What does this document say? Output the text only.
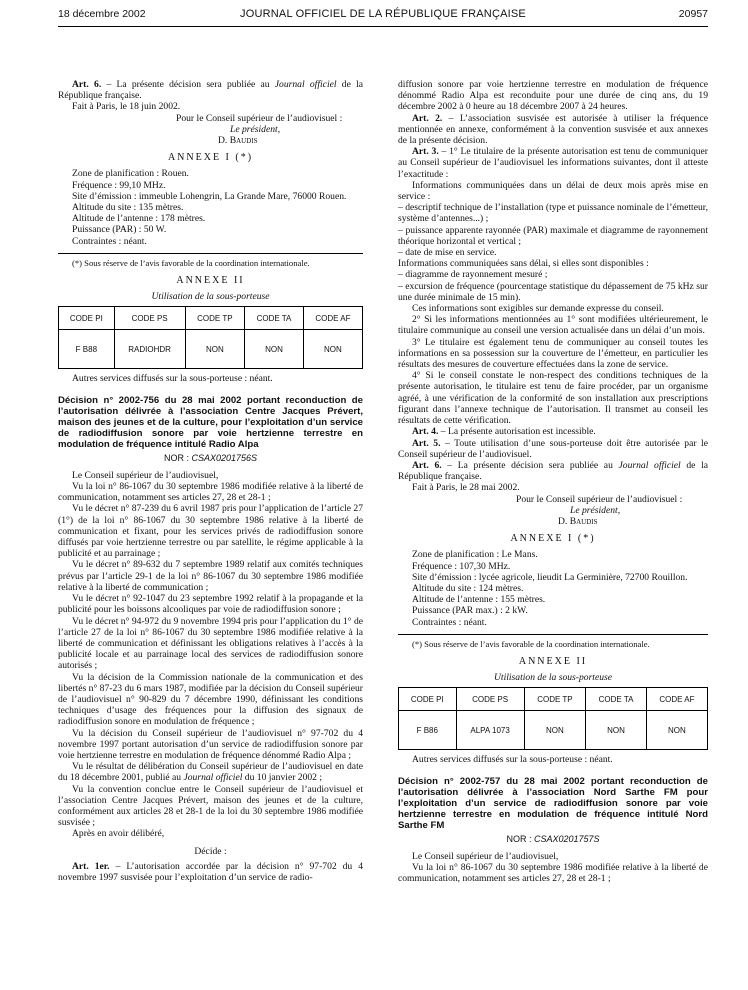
18 décembre 2002	JOURNAL OFFICIEL DE LA RÉPUBLIQUE FRANÇAISE	20957

Art. 6. – La présente décision sera publiée au Journal officiel de la République française.

Fait à Paris, le 18 juin 2002.

Pour le Conseil supérieur de l’audiovisuel :

Le président,

D. Baudis

ANNEXE I (*)

Zone de planification : Rouen.

Fréquence : 99,10 MHz.

Site d’émission : immeuble Lohengrin, La Grande Mare, 76000 Rouen.

Altitude du site : 135 mètres.

Altitude de l’antenne : 178 mètres.

Puissance (PAR) : 50 W.

Contraintes : néant.

(*) Sous réserve de l’avis favorable de la coordination internationale.

ANNEXE II
Utilisation de la sous-porteuse
CODE PI	CODE PS	CODE TP	CODE TA	CODE AF
F B88	RADIOHDR	NON	NON	NON

Autres services diffusés sur la sous-porteuse : néant.

Décision n° 2002-756 du 28 mai 2002 portant reconduction de l’autorisation délivrée à l’association Centre Jacques Prévert, maison des jeunes et de la culture, pour l’exploitation d’un service de radiodiffusion sonore par voie hertzienne terrestre en modulation de fréquence intitulé Radio Alpa

NOR : CSAX0201756S

Le Conseil supérieur de l’audiovisuel,

Vu la loi n° 86-1067 du 30 septembre 1986 modifiée relative à la liberté de communication, notamment ses articles 27, 28 et 28-1 ;

Vu le décret n° 87-239 du 6 avril 1987 pris pour l’application de l’article 27 (1°) de la loi n° 86-1067 du 30 septembre 1986 relative à la liberté de communication et fixant, pour les services privés de radiodiffusion sonore diffusés par voie hertzienne terrestre ou par satellite, le régime applicable à la publicité et au parrainage ;

Vu le décret n° 89-632 du 7 septembre 1989 relatif aux comités techniques prévus par l’article 29-1 de la loi n° 86-1067 du 30 septembre 1986 modifiée relative à la liberté de communication ;

Vu le décret n° 92-1047 du 23 septembre 1992 relatif à la propagande et la publicité pour les boissons alcooliques par voie de radiodiffusion sonore ;

Vu le décret n° 94-972 du 9 novembre 1994 pris pour l’application du 1° de l’article 27 de la loi n° 86-1067 du 30 septembre 1986 modifiée relative à la liberté de communication et définissant les obligations relatives à l’accès à la publicité locale et au parrainage local des services de radiodiffusion sonore autorisés ;

Vu la décision de la Commission nationale de la communication et des libertés n° 87-23 du 6 mars 1987, modifiée par la décision du Conseil supérieur de l’audiovisuel n° 90-829 du 7 décembre 1990, définissant les conditions techniques d’usage des fréquences pour la diffusion des signaux de radiodiffusion sonore en modulation de fréquence ;

Vu la décision du Conseil supérieur de l’audiovisuel n° 97-702 du 4 novembre 1997 portant autorisation d’un service de radiodiffusion sonore par voie hertzienne terrestre en modulation de fréquence dénommé Radio Alpa ;

Vu le résultat de délibération du Conseil supérieur de l’audiovisuel en date du 18 décembre 2001, publié au Journal officiel du 10 janvier 2002 ;

Vu la convention conclue entre le Conseil supérieur de l’audiovisuel et l’association Centre Jacques Prévert, maison des jeunes et de la culture, conformément aux articles 28 et 28-1 de la loi du 30 septembre 1986 modifiée susvisée ;

Après en avoir délibéré,

Décide :

Art. 1er. – L’autorisation accordée par la décision n° 97-702 du 4 novembre 1997 susvisée pour l’exploitation d’un service de radio-

diffusion sonore par voie hertzienne terrestre en modulation de fréquence dénommé Radio Alpa est reconduite pour une durée de cinq ans, du 19 décembre 2002 à 0 heure au 18 décembre 2007 à 24 heures.

Art. 2. – L’association susvisée est autorisée à utiliser la fréquence mentionnée en annexe, conformément à la convention susvisée et aux annexes de la présente décision.

Art. 3. – 1° Le titulaire de la présente autorisation est tenu de communiquer au Conseil supérieur de l’audiovisuel les informations suivantes, dont il atteste l’exactitude :

Informations communiquées dans un délai de deux mois après mise en service :

– descriptif technique de l’installation (type et puissance nominale de l’émetteur, système d’antennes...) ;

– puissance apparente rayonnée (PAR) maximale et diagramme de rayonnement théorique horizontal et vertical ;

– date de mise en service.

Informations communiquées sans délai, si elles sont disponibles :

– diagramme de rayonnement mesuré ;

– excursion de fréquence (pourcentage statistique du dépassement de 75 kHz sur une durée minimale de 15 min).

Ces informations sont exigibles sur demande expresse du conseil.

2° Si les informations mentionnées au 1° sont modifiées ultérieurement, le titulaire communique au conseil une version actualisée dans un délai d’un mois.

3° Le titulaire est également tenu de communiquer au conseil toutes les informations en sa possession sur la couverture de l’émetteur, en particulier les résultats des mesures de couverture effectuées dans la zone de service.

4° Si le conseil constate le non-respect des conditions techniques de la présente autorisation, le titulaire est tenu de faire procéder, par un organisme agréé, à une vérification de la conformité de son installation aux prescriptions figurant dans l’annexe technique de l’autorisation. Il transmet au conseil les résultats de cette vérification.

Art. 4. – La présente autorisation est incessible.

Art. 5. – Toute utilisation d’une sous-porteuse doit être autorisée par le Conseil supérieur de l’audiovisuel.

Art. 6. – La présente décision sera publiée au Journal officiel de la République française.

Fait à Paris, le 28 mai 2002.

Pour le Conseil supérieur de l’audiovisuel :

Le président,

D. Baudis

ANNEXE I (*)

Zone de planification : Le Mans.

Fréquence : 107,30 MHz.

Site d’émission : lycée agricole, lieudit La Germinière, 72700 Rouillon.

Altitude du site : 124 mètres.

Altitude de l’antenne : 155 mètres.

Puissance (PAR max.) : 2 kW.

Contraintes : néant.

(*) Sous réserve de l’avis favorable de la coordination internationale.

ANNEXE II
Utilisation de la sous-porteuse
CODE PI	CODE PS	CODE TP	CODE TA	CODE AF
F B86	ALPA 1073	NON	NON	NON

Autres services diffusés sur la sous-porteuse : néant.

Décision n° 2002-757 du 28 mai 2002 portant reconduction de l’autorisation délivrée à l’association Nord Sarthe FM pour l’exploitation d’un service de radiodiffusion sonore par voie hertzienne terrestre en modulation de fréquence intitulé Nord Sarthe FM

NOR : CSAX0201757S

Le Conseil supérieur de l’audiovisuel,

Vu la loi n° 86-1067 du 30 septembre 1986 modifiée relative à la liberté de communication, notamment ses articles 27, 28 et 28-1 ;
